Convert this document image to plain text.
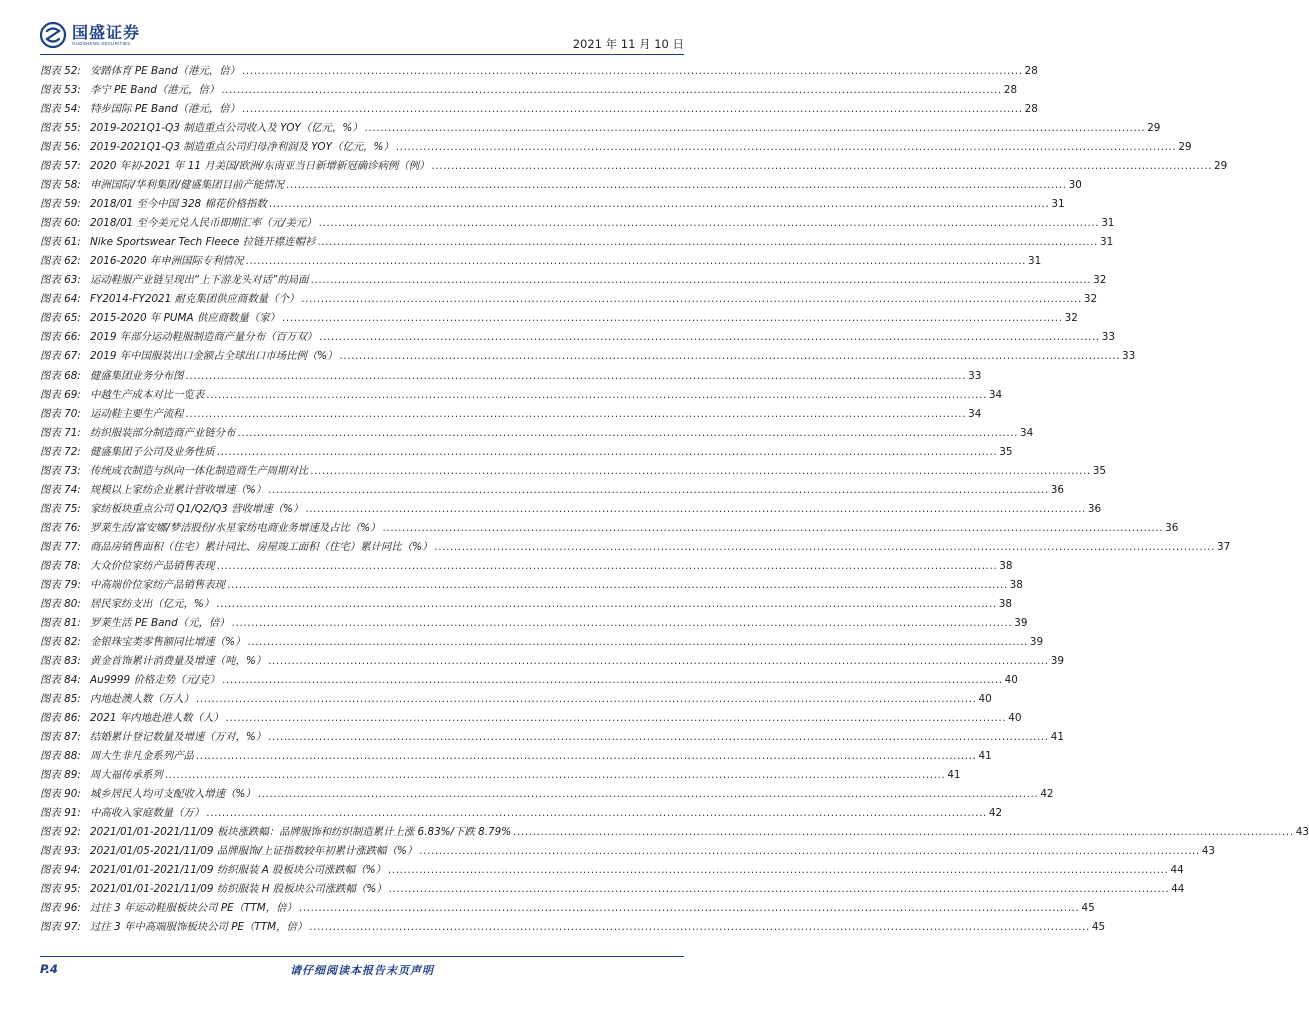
国盛证券
GUOSHENG SECURITIES	2021 年 11 月 10 日
图表 52: 安踏体育 PE Band（港元，倍） ........................................................................................................................................................................................................ 28
图表 53: 李宁 PE Band（港元，倍） ........................................................................................................................................................................................................ 28
图表 54: 特步国际 PE Band（港元，倍） ........................................................................................................................................................................................................ 28
图表 55: 2019-2021Q1-Q3 制造重点公司收入及 YOY（亿元，%） ........................................................................................................................................................................................................ 29
图表 56: 2019-2021Q1-Q3 制造重点公司归母净利润及 YOY（亿元，%） ........................................................................................................................................................................................................ 29
图表 57: 2020 年初-2021 年 11 月美国/欧洲/东南亚当日新增新冠确诊病例（例） ........................................................................................................................................................................................................ 29
图表 58: 申洲国际/华利集团/健盛集团目前产能情况 ........................................................................................................................................................................................................ 30
图表 59: 2018/01 至今中国 328 棉花价格指数 ........................................................................................................................................................................................................ 31
图表 60: 2018/01 至今美元兑人民币即期汇率（元/美元） ........................................................................................................................................................................................................ 31
图表 61: Nike Sportswear Tech Fleece 拉链开襟连帽衫 ........................................................................................................................................................................................................ 31
图表 62: 2016-2020 年申洲国际专利情况 ........................................................................................................................................................................................................ 31
图表 63: 运动鞋服产业链呈现出“上下游龙头对话”的局面 ........................................................................................................................................................................................................ 32
图表 64: FY2014-FY2021 耐克集团供应商数量（个） ........................................................................................................................................................................................................ 32
图表 65: 2015-2020 年 PUMA 供应商数量（家） ........................................................................................................................................................................................................ 32
图表 66: 2019 年部分运动鞋服制造商产量分布（百万双） ........................................................................................................................................................................................................ 33
图表 67: 2019 年中国服装出口金额占全球出口市场比例（%） ........................................................................................................................................................................................................ 33
图表 68: 健盛集团业务分布图 ........................................................................................................................................................................................................ 33
图表 69: 中越生产成本对比一览表 ........................................................................................................................................................................................................ 34
图表 70: 运动鞋主要生产流程 ........................................................................................................................................................................................................ 34
图表 71: 纺织服装部分制造商产业链分布 ........................................................................................................................................................................................................ 34
图表 72: 健盛集团子公司及业务性质 ........................................................................................................................................................................................................ 35
图表 73: 传统成衣制造与纵向一体化制造商生产周期对比 ........................................................................................................................................................................................................ 35
图表 74: 规模以上家纺企业累计营收增速（%） ........................................................................................................................................................................................................ 36
图表 75: 家纺板块重点公司 Q1/Q2/Q3 营收增速（%） ........................................................................................................................................................................................................ 36
图表 76: 罗莱生活/富安娜/梦洁股份/水星家纺电商业务增速及占比（%） ........................................................................................................................................................................................................ 36
图表 77: 商品房销售面积（住宅）累计同比、房屋竣工面积（住宅）累计同比（%） ........................................................................................................................................................................................................ 37
图表 78: 大众价位家纺产品销售表现 ........................................................................................................................................................................................................ 38
图表 79: 中高端价位家纺产品销售表现 ........................................................................................................................................................................................................ 38
图表 80: 居民家纺支出（亿元，%） ........................................................................................................................................................................................................ 38
图表 81: 罗莱生活 PE Band（元，倍） ........................................................................................................................................................................................................ 39
图表 82: 金银珠宝类零售额同比增速（%） ........................................................................................................................................................................................................ 39
图表 83: 黄金首饰累计消费量及增速（吨，%） ........................................................................................................................................................................................................ 39
图表 84: Au9999 价格走势（元/克） ........................................................................................................................................................................................................ 40
图表 85: 内地赴澳人数（万人） ........................................................................................................................................................................................................ 40
图表 86: 2021 年内地赴港人数（人） ........................................................................................................................................................................................................ 40
图表 87: 结婚累计登记数量及增速（万对，%） ........................................................................................................................................................................................................ 41
图表 88: 周大生非凡金系列产品 ........................................................................................................................................................................................................ 41
图表 89: 周大福传承系列 ........................................................................................................................................................................................................ 41
图表 90: 城乡居民人均可支配收入增速（%） ........................................................................................................................................................................................................ 42
图表 91: 中高收入家庭数量（万） ........................................................................................................................................................................................................ 42
图表 92: 2021/01/01-2021/11/09 板块涨跌幅：品牌服饰和纺织制造累计上涨 6.83%/下跌 8.79% ........................................................................................................................................................................................................ 43
图表 93: 2021/01/05-2021/11/09 品牌服饰/上证指数较年初累计涨跌幅（%） ........................................................................................................................................................................................................ 43
图表 94: 2021/01/01-2021/11/09 纺织服装 A 股板块公司涨跌幅（%） ........................................................................................................................................................................................................ 44
图表 95: 2021/01/01-2021/11/09 纺织服装 H 股板块公司涨跌幅（%） ........................................................................................................................................................................................................ 44
图表 96: 过往 3 年运动鞋服板块公司 PE（TTM，倍） ........................................................................................................................................................................................................ 45
图表 97: 过往 3 年中高端服饰板块公司 PE（TTM，倍） ........................................................................................................................................................................................................ 45
P.4	请仔细阅读本报告末页声明
